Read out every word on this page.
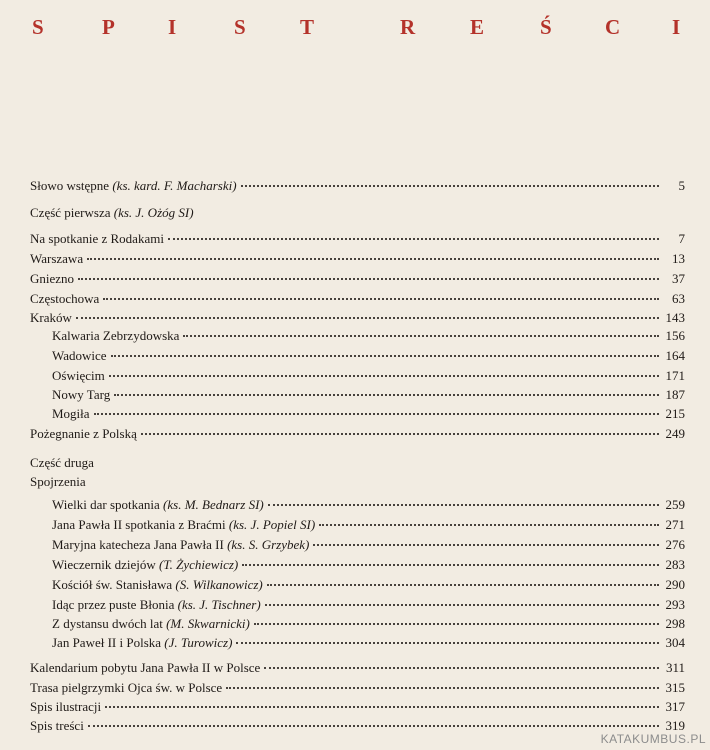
S	P	I	S	T	R	E	Ś	C I
Słowo wstępne (ks. kard. F. Macharski)	5
Część pierwsza (ks. J. Ożóg SI)
Na spotkanie z Rodakami	7
Warszawa	13
Gniezno	37
Częstochowa	63
Kraków	143
Kalwaria Zebrzydowska	156
Wadowice	164
Oświęcim	171
Nowy Targ	187
Mogiła	215
Pożegnanie z Polską	249
Część druga
Spojrzenia
Wielki dar spotkania (ks. M. Bednarz SI)	259
Jana Pawła II spotkania z Braćmi (ks. J. Popiel SI)	271
Maryjna katecheza Jana Pawła II (ks. S. Grzybek)	276
Wieczernik dziejów (T. Żychiewicz)	283
Kościół św. Stanisława (S. Wilkanowicz)	290
Idąc przez puste Błonia (ks. J. Tischner)	293
Z dystansu dwóch lat (M. Skwarnicki)	298
Jan Paweł II i Polska (J. Turowicz)	304
Kalendarium pobytu Jana Pawła II w Polsce	311
Trasa pielgrzymki Ojca św. w Polsce	315
Spis ilustracji	317
Spis treści	319
KATAKUMBUS.PL
